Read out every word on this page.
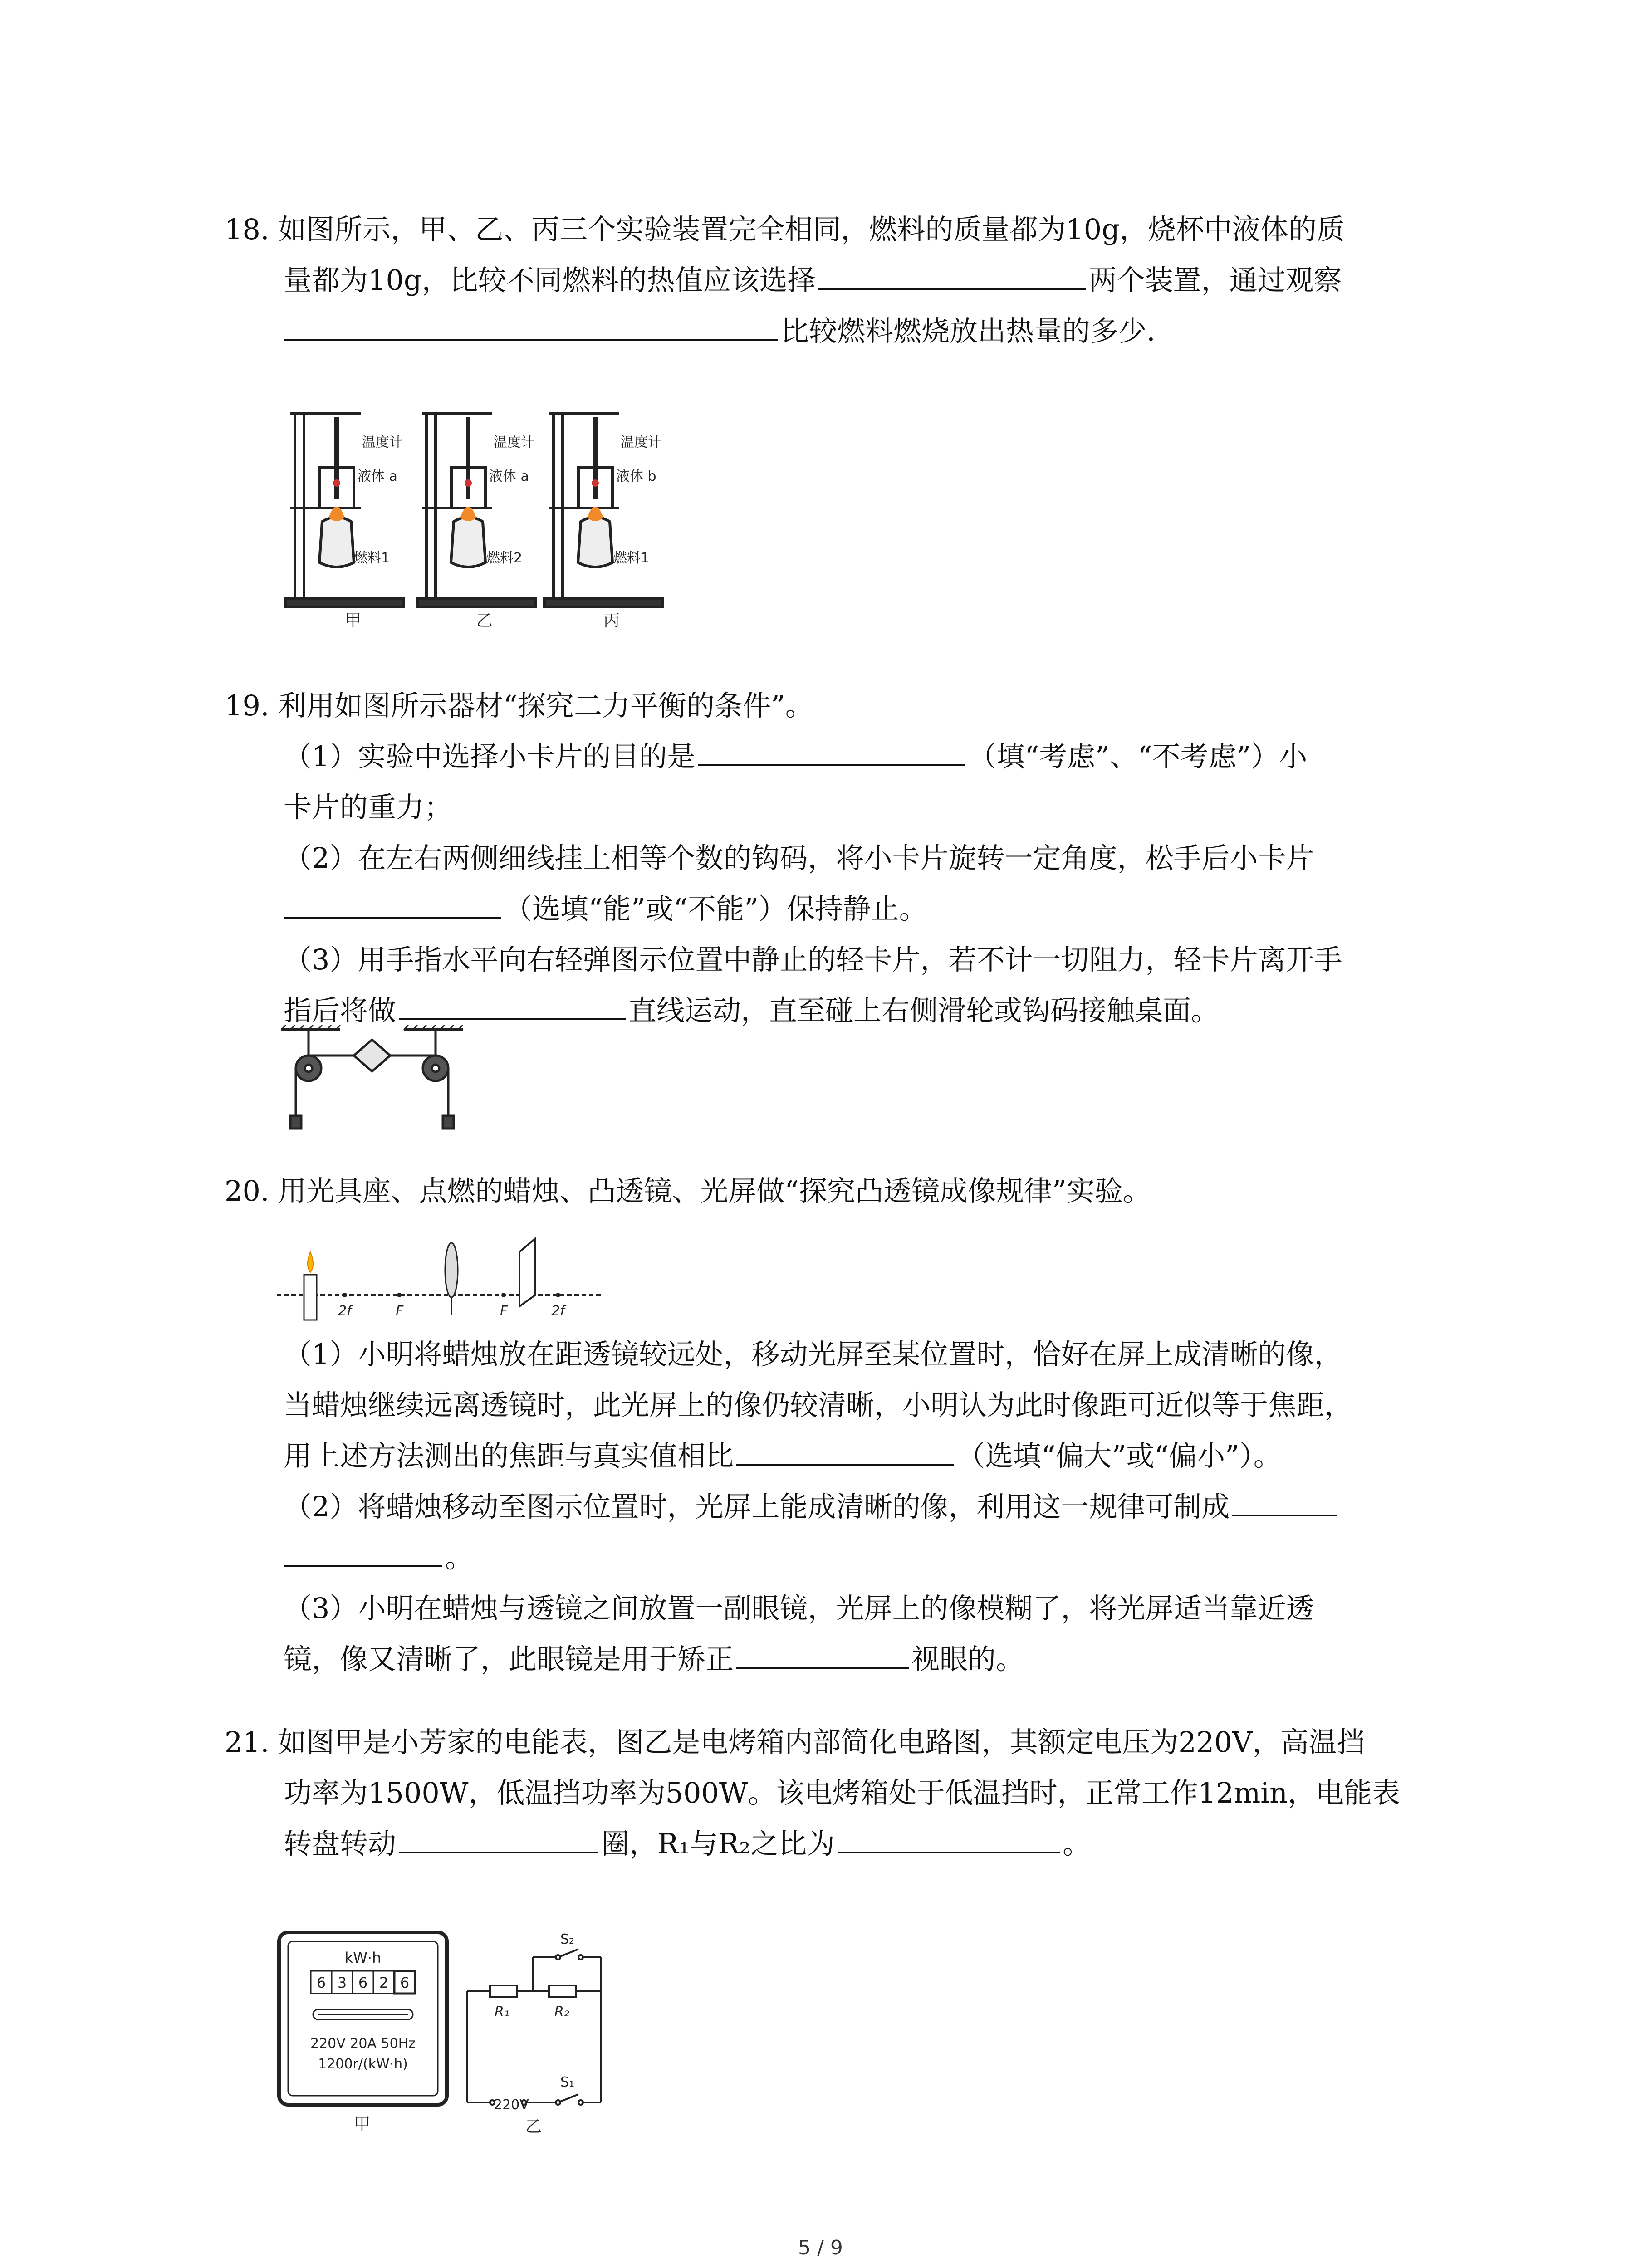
18. 如图所示，甲、乙、丙三个实验装置完全相同，燃料的质量都为10g，烧杯中液体的质
量都为10g，比较不同燃料的热值应该选择	两个装置，通过观察
比较燃料燃烧放出热量的多少.
温度计
液体 a
燃料1
温度计
液体 a
燃料2
温度计
液体 b
燃料1
甲	乙	丙
19. 利用如图所示器材“探究二力平衡的条件”。
（1）实验中选择小卡片的目的是	（填“考虑”、“不考虑”）小
卡片的重力；
（2）在左右两侧细线挂上相等个数的钩码，将小卡片旋转一定角度，松手后小卡片
（选填“能”或“不能”）保持静止。
（3）用手指水平向右轻弹图示位置中静止的轻卡片，若不计一切阻力，轻卡片离开手
指后将做	直线运动，直至碰上右侧滑轮或钩码接触桌面。
20. 用光具座、点燃的蜡烛、凸透镜、光屏做“探究凸透镜成像规律”实验。
2f	F	F	2f
（1）小明将蜡烛放在距透镜较远处，移动光屏至某位置时，恰好在屏上成清晰的像，
当蜡烛继续远离透镜时，此光屏上的像仍较清晰，小明认为此时像距可近似等于焦距，
用上述方法测出的焦距与真实值相比	（选填“偏大”或“偏小”）。
（2）将蜡烛移动至图示位置时，光屏上能成清晰的像，利用这一规律可制成
。
（3）小明在蜡烛与透镜之间放置一副眼镜，光屏上的像模糊了，将光屏适当靠近透
镜，像又清晰了，此眼镜是用于矫正	视眼的。
21. 如图甲是小芳家的电能表，图乙是电烤箱内部简化电路图，其额定电压为220V，高温挡
功率为1500W，低温挡功率为500W。该电烤箱处于低温挡时，正常工作12min，电能表
转盘转动	圈，R₁与R₂之比为	。
kW·h
6 3 6 2 6
220V 20A 50Hz
1200r/(kW·h)
甲
R₁	R₂
S₂
S₁
220V
乙
5 / 9
